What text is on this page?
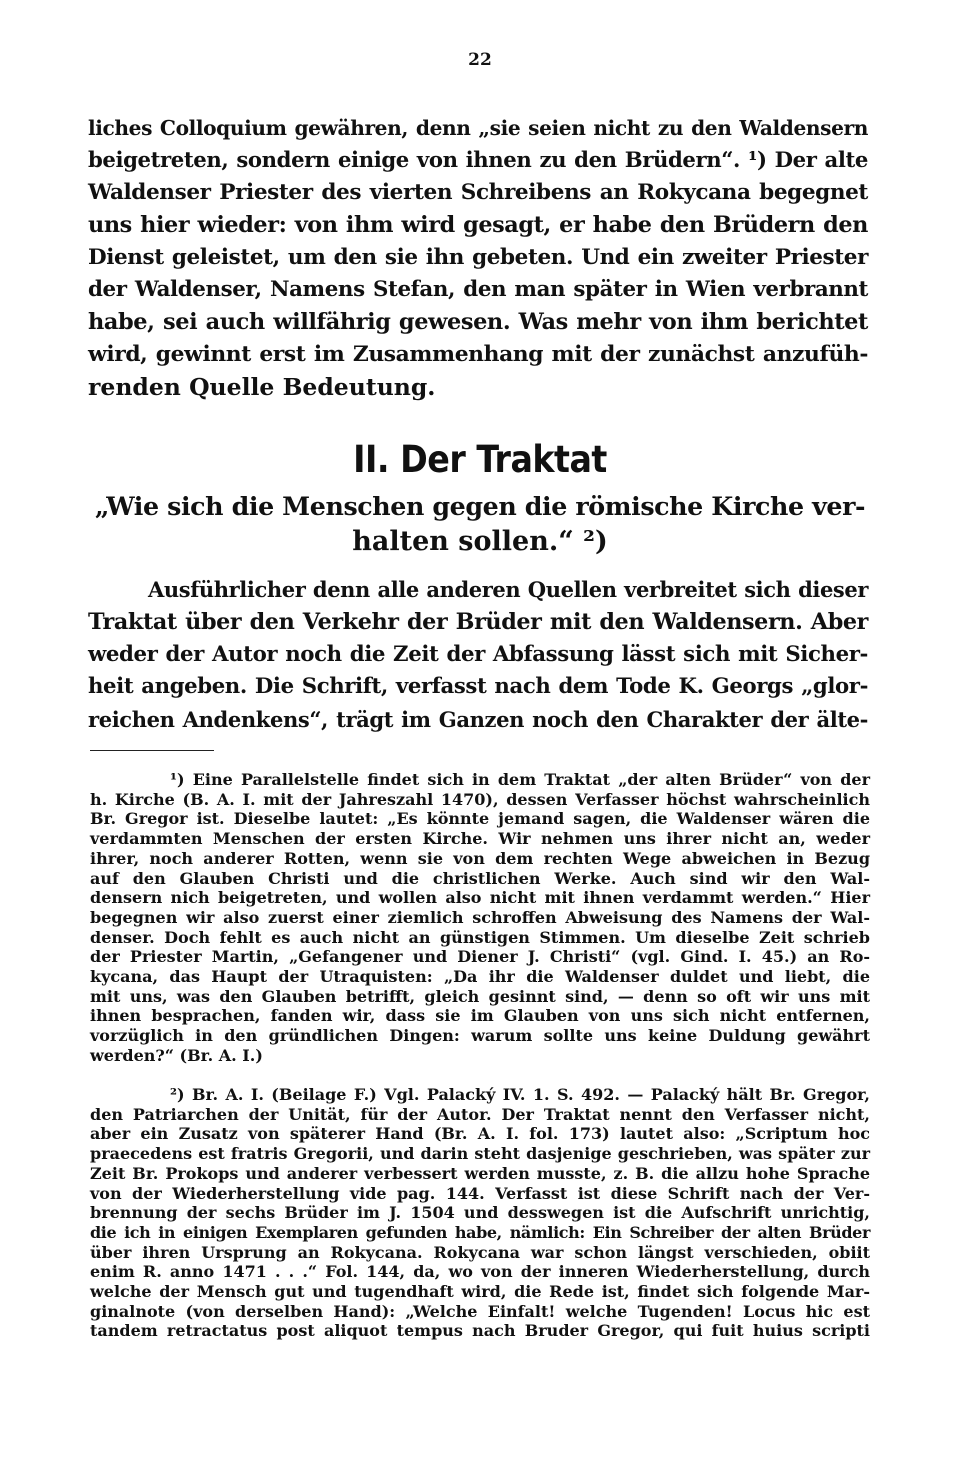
22
liches Colloquium gewähren, denn „sie seien nicht zu den Waldensern
beigetreten, sondern einige von ihnen zu den Brüdern“. ¹) Der alte
Waldenser Priester des vierten Schreibens an Rokycana begegnet
uns hier wieder: von ihm wird gesagt, er habe den Brüdern den
Dienst geleistet, um den sie ihn gebeten. Und ein zweiter Priester
der Waldenser, Namens Stefan, den man später in Wien verbrannt
habe, sei auch willfährig gewesen. Was mehr von ihm berichtet
wird, gewinnt erst im Zusammenhang mit der zunächst anzufüh-
renden Quelle Bedeutung.
II. Der Traktat
„Wie sich die Menschen gegen die römische Kirche ver-
halten sollen.“ ²)
Ausführlicher denn alle anderen Quellen verbreitet sich dieser
Traktat über den Verkehr der Brüder mit den Waldensern. Aber
weder der Autor noch die Zeit der Abfassung lässt sich mit Sicher-
heit angeben. Die Schrift, verfasst nach dem Tode K. Georgs „glor-
reichen Andenkens“, trägt im Ganzen noch den Charakter der älte-
¹) Eine Parallelstelle findet sich in dem Traktat „der alten Brüder“ von der
h. Kirche (B. A. I. mit der Jahreszahl 1470), dessen Verfasser höchst wahrscheinlich
Br. Gregor ist. Dieselbe lautet: „Es könnte jemand sagen, die Waldenser wären die
verdammten Menschen der ersten Kirche. Wir nehmen uns ihrer nicht an, weder
ihrer, noch anderer Rotten, wenn sie von dem rechten Wege abweichen in Bezug
auf den Glauben Christi und die christlichen Werke. Auch sind wir den Wal-
densern nich beigetreten, und wollen also nicht mit ihnen verdammt werden.“ Hier
begegnen wir also zuerst einer ziemlich schroffen Abweisung des Namens der Wal-
denser. Doch fehlt es auch nicht an günstigen Stimmen. Um dieselbe Zeit schrieb
der Priester Martin, „Gefangener und Diener J. Christi“ (vgl. Gind. I. 45.) an Ro-
kycana, das Haupt der Utraquisten: „Da ihr die Waldenser duldet und liebt, die
mit uns, was den Glauben betrifft, gleich gesinnt sind, — denn so oft wir uns mit
ihnen besprachen, fanden wir, dass sie im Glauben von uns sich nicht entfernen,
vorzüglich in den gründlichen Dingen: warum sollte uns keine Duldung gewährt
werden?“ (Br. A. I.)
²) Br. A. I. (Beilage F.) Vgl. Palacký IV. 1. S. 492. — Palacký hält Br. Gregor,
den Patriarchen der Unität, für der Autor. Der Traktat nennt den Verfasser nicht,
aber ein Zusatz von späterer Hand (Br. A. I. fol. 173) lautet also: „Scriptum hoc
praecedens est fratris Gregorii, und darin steht dasjenige geschrieben, was später zur
Zeit Br. Prokops und anderer verbessert werden musste, z. B. die allzu hohe Sprache
von der Wiederherstellung vide pag. 144. Verfasst ist diese Schrift nach der Ver-
brennung der sechs Brüder im J. 1504 und desswegen ist die Aufschrift unrichtig,
die ich in einigen Exemplaren gefunden habe, nämlich: Ein Schreiber der alten Brüder
über ihren Ursprung an Rokycana. Rokycana war schon längst verschieden, obiit
enim R. anno 1471 . . .“ Fol. 144, da, wo von der inneren Wiederherstellung, durch
welche der Mensch gut und tugendhaft wird, die Rede ist, findet sich folgende Mar-
ginalnote (von derselben Hand): „Welche Einfalt! welche Tugenden! Locus hic est
tandem retractatus post aliquot tempus nach Bruder Gregor, qui fuit huius scripti
